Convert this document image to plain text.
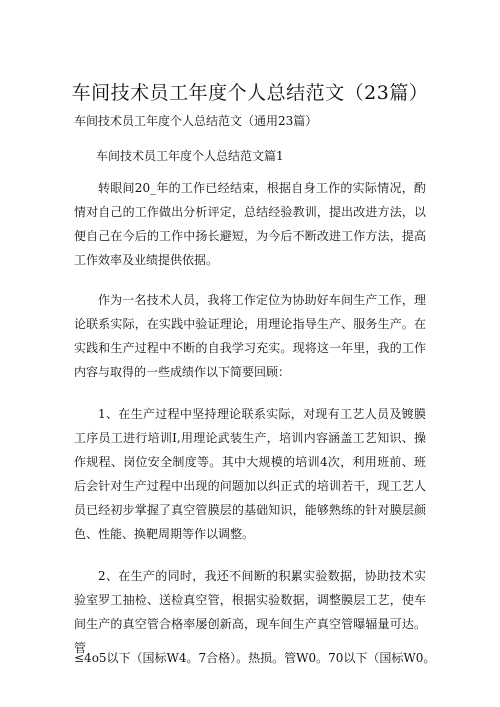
车间技术员工年度个人总结范文（23篇）
车间技术员工年度个人总结范文（通用23篇）
车间技术员工年度个人总结范文篇1

转眼间20_年的工作已经结束，根据自身工作的实际情况，酌情对自己的工作做出分析评定，总结经验教训，提出改进方法，以便自己在今后的工作中扬长避短，为今后不断改进工作方法，提高工作效率及业绩提供依据。

作为一名技术人员，我将工作定位为协助好车间生产工作，理论联系实际，在实践中验证理论，用理论指导生产、服务生产。在实践和生产过程中不断的自我学习充实。现将这一年里，我的工作内容与取得的一些成绩作以下简要回顾：

1、在生产过程中坚持理论联系实际，对现有工艺人员及镀膜工序员工进行培训I,用理论武装生产，培训内容涵盖工艺知识、操作规程、岗位安全制度等。其中大规模的培训4次，利用班前、班后会针对生产过程中出现的问题加以纠正式的培训若干，现工艺人员已经初步掌握了真空管膜层的基础知识，能够熟练的针对膜层颜色、性能、换靶周期等作以调整。

2、在生产的同时，我还不间断的积累实验数据，协助技术实验室罗工抽检、送检真空管，根据实验数据，调整膜层工艺，使车间生产的真空管合格率屡创新高，现车间生产真空管曝辐量可达。管

≤4o5以下（国标W4。7合格）。热损。管W0。70以下（国标W0。
